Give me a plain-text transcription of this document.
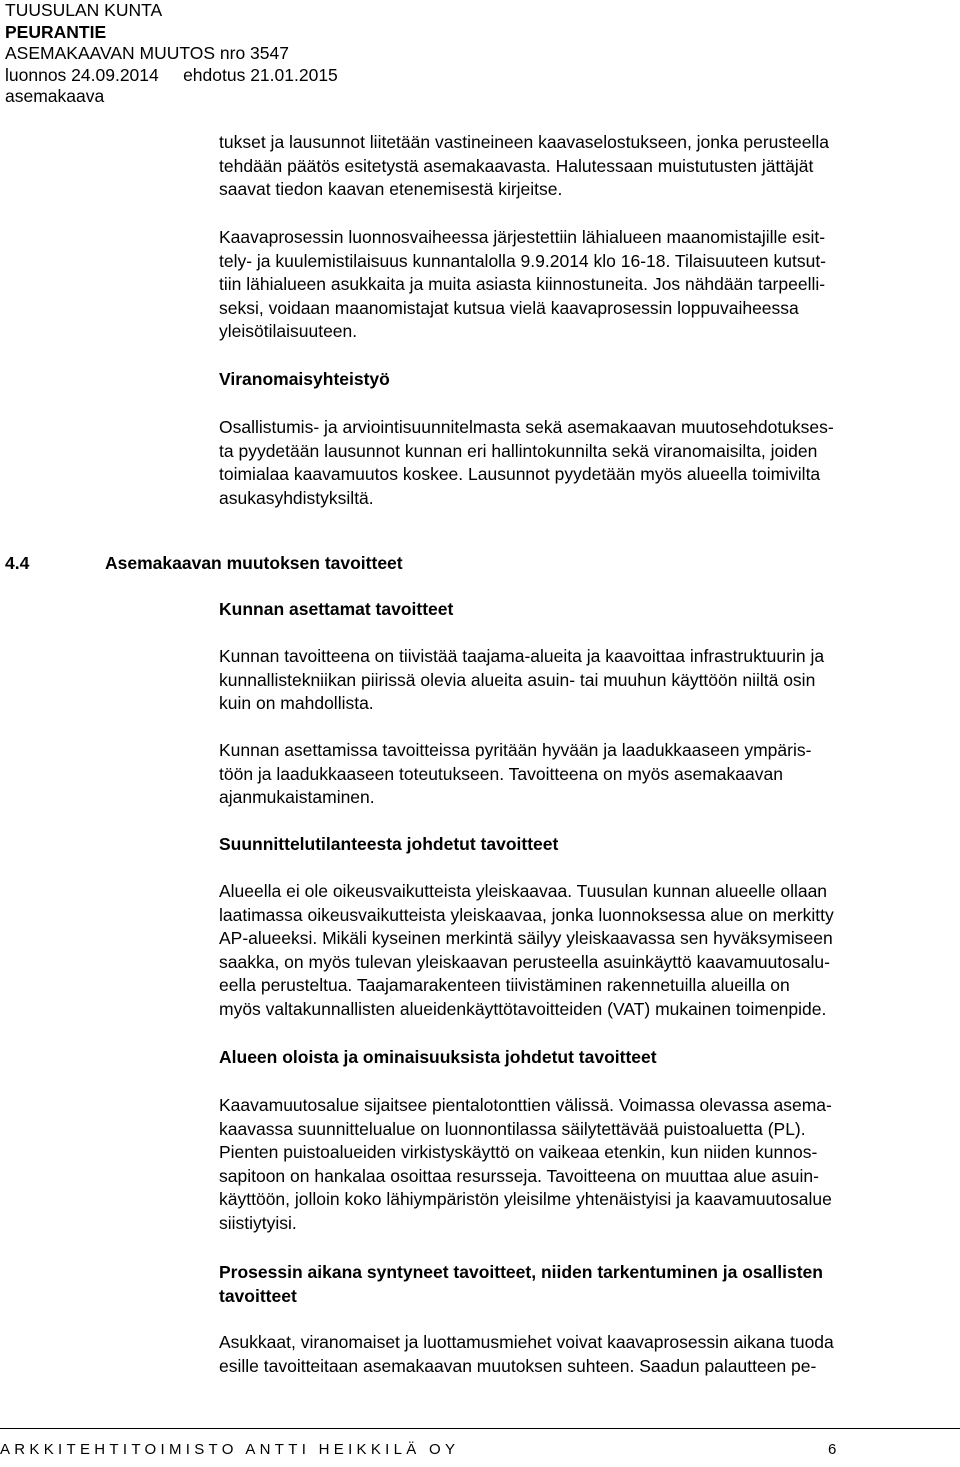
TUUSULAN KUNTA
PEURANTIE
ASEMAKAAVAN MUUTOS nro 3547
luonnos 24.09.2014 ehdotus 21.01.2015
asemakaava

tukset ja lausunnot liitetään vastineineen kaavaselostukseen, jonka perusteella

tehdään päätös esitetystä asemakaavasta. Halutessaan muistutusten jättäjät

saavat tiedon kaavan etenemisestä kirjeitse.

Kaavaprosessin luonnosvaiheessa järjestettiin lähialueen maanomistajille esit-

tely- ja kuulemistilaisuus kunnantalolla 9.9.2014 klo 16-18. Tilaisuuteen kutsut-

tiin lähialueen asukkaita ja muita asiasta kiinnostuneita. Jos nähdään tarpeelli-

seksi, voidaan maanomistajat kutsua vielä kaavaprosessin loppuvaiheessa

yleisötilaisuuteen.

Viranomaisyhteistyö

Osallistumis- ja arviointisuunnitelmasta sekä asemakaavan muutosehdotukses-

ta pyydetään lausunnot kunnan eri hallintokunnilta sekä viranomaisilta, joiden

toimialaa kaavamuutos koskee. Lausunnot pyydetään myös alueella toimivilta

asukasyhdistyksiltä.

4.4	Asemakaavan muutoksen tavoitteet
Kunnan asettamat tavoitteet

Kunnan tavoitteena on tiivistää taajama-alueita ja kaavoittaa infrastruktuurin ja

kunnallistekniikan piirissä olevia alueita asuin- tai muuhun käyttöön niiltä osin

kuin on mahdollista.

Kunnan asettamissa tavoitteissa pyritään hyvään ja laadukkaaseen ympäris-

töön ja laadukkaaseen toteutukseen. Tavoitteena on myös asemakaavan

ajanmukaistaminen.

Suunnittelutilanteesta johdetut tavoitteet

Alueella ei ole oikeusvaikutteista yleiskaavaa. Tuusulan kunnan alueelle ollaan

laatimassa oikeusvaikutteista yleiskaavaa, jonka luonnoksessa alue on merkitty

AP-alueeksi. Mikäli kyseinen merkintä säilyy yleiskaavassa sen hyväksymiseen

saakka, on myös tulevan yleiskaavan perusteella asuinkäyttö kaavamuutosalu-

eella perusteltua. Taajamarakenteen tiivistäminen rakennetuilla alueilla on

myös valtakunnallisten alueidenkäyttötavoitteiden (VAT) mukainen toimenpide.

Alueen oloista ja ominaisuuksista johdetut tavoitteet

Kaavamuutosalue sijaitsee pientalotonttien välissä. Voimassa olevassa asema-

kaavassa suunnittelualue on luonnontilassa säilytettävää puistoaluetta (PL).

Pienten puistoalueiden virkistyskäyttö on vaikeaa etenkin, kun niiden kunnos-

sapitoon on hankalaa osoittaa resursseja. Tavoitteena on muuttaa alue asuin-

käyttöön, jolloin koko lähiympäristön yleisilme yhtenäistyisi ja kaavamuutosalue

siistiytyisi.

Prosessin aikana syntyneet tavoitteet, niiden tarkentuminen ja osallisten

tavoitteet

Asukkaat, viranomaiset ja luottamusmiehet voivat kaavaprosessin aikana tuoda

esille tavoitteitaan asemakaavan muutoksen suhteen. Saadun palautteen pe-

ARKKITEHTITOIMISTO ANTTI HEIKKILÄ OY	6
